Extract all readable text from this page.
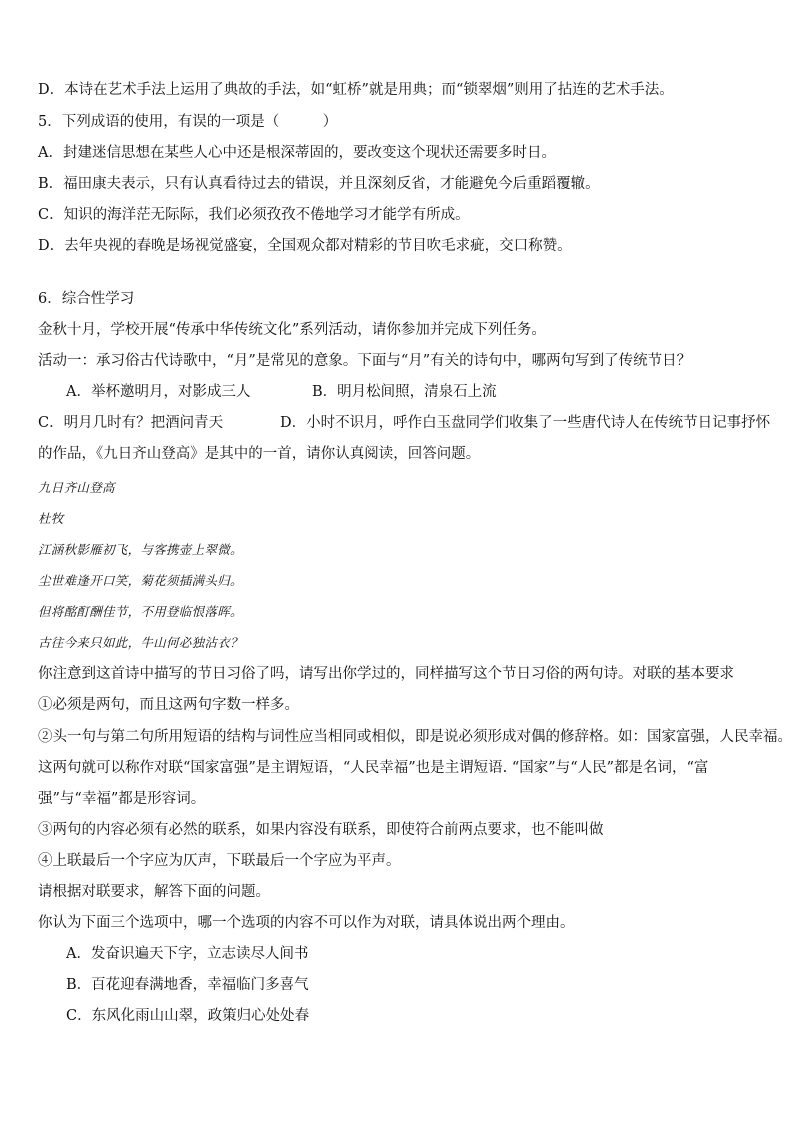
D．本诗在艺术手法上运用了典故的手法，如“虹桥”就是用典；而“锁翠烟”则用了拈连的艺术手法。
5．下列成语的使用，有误的一项是（　　　）
A．封建迷信思想在某些人心中还是根深蒂固的，要改变这个现状还需要多时日。
B．福田康夫表示，只有认真看待过去的错误，并且深刻反省，才能避免今后重蹈覆辙。
C．知识的海洋茫无际际，我们必须孜孜不倦地学习才能学有所成。
D．去年央视的春晚是场视觉盛宴，全国观众都对精彩的节目吹毛求疵，交口称赞。
6．综合性学习
金秋十月，学校开展“传承中华传统文化”系列活动，请你参加并完成下列任务。
活动一：承习俗古代诗歌中，“月”是常见的意象。下面与“月”有关的诗句中，哪两句写到了传统节日？
A．举杯邀明月，对影成三人	B．明月松间照，清泉石上流
C．明月几时有？把酒问青天	D．小时不识月，呼作白玉盘同学们收集了一些唐代诗人在传统节日记事抒怀
的作品，《九日齐山登高》是其中的一首，请你认真阅读，回答问题。
九日齐山登高
杜牧
江涵秋影雁初飞，与客携壶上翠微。
尘世难逢开口笑，菊花须插满头归。
但将酩酊酬佳节，不用登临恨落晖。
古往今来只如此，牛山何必独沾衣？
你注意到这首诗中描写的节日习俗了吗，请写出你学过的，同样描写这个节日习俗的两句诗。对联的基本要求
①必须是两句，而且这两句字数一样多。
②头一句与第二句所用短语的结构与词性应当相同或相似，即是说必须形成对偶的修辞格。如：国家富强，人民幸福。
这两句就可以称作对联“国家富强”是主谓短语，“人民幸福”也是主谓短语. “国家”与“人民”都是名词，“富
强”与“幸福”都是形容词。
③两句的内容必须有必然的联系，如果内容没有联系，即使符合前两点要求，也不能叫做
④上联最后一个字应为仄声，下联最后一个字应为平声。
请根据对联要求，解答下面的问题。
你认为下面三个选项中，哪一个选项的内容不可以作为对联，请具体说出两个理由。
A．发奋识遍天下字，立志读尽人间书
B．百花迎春满地香，幸福临门多喜气
C．东风化雨山山翠，政策归心处处春
